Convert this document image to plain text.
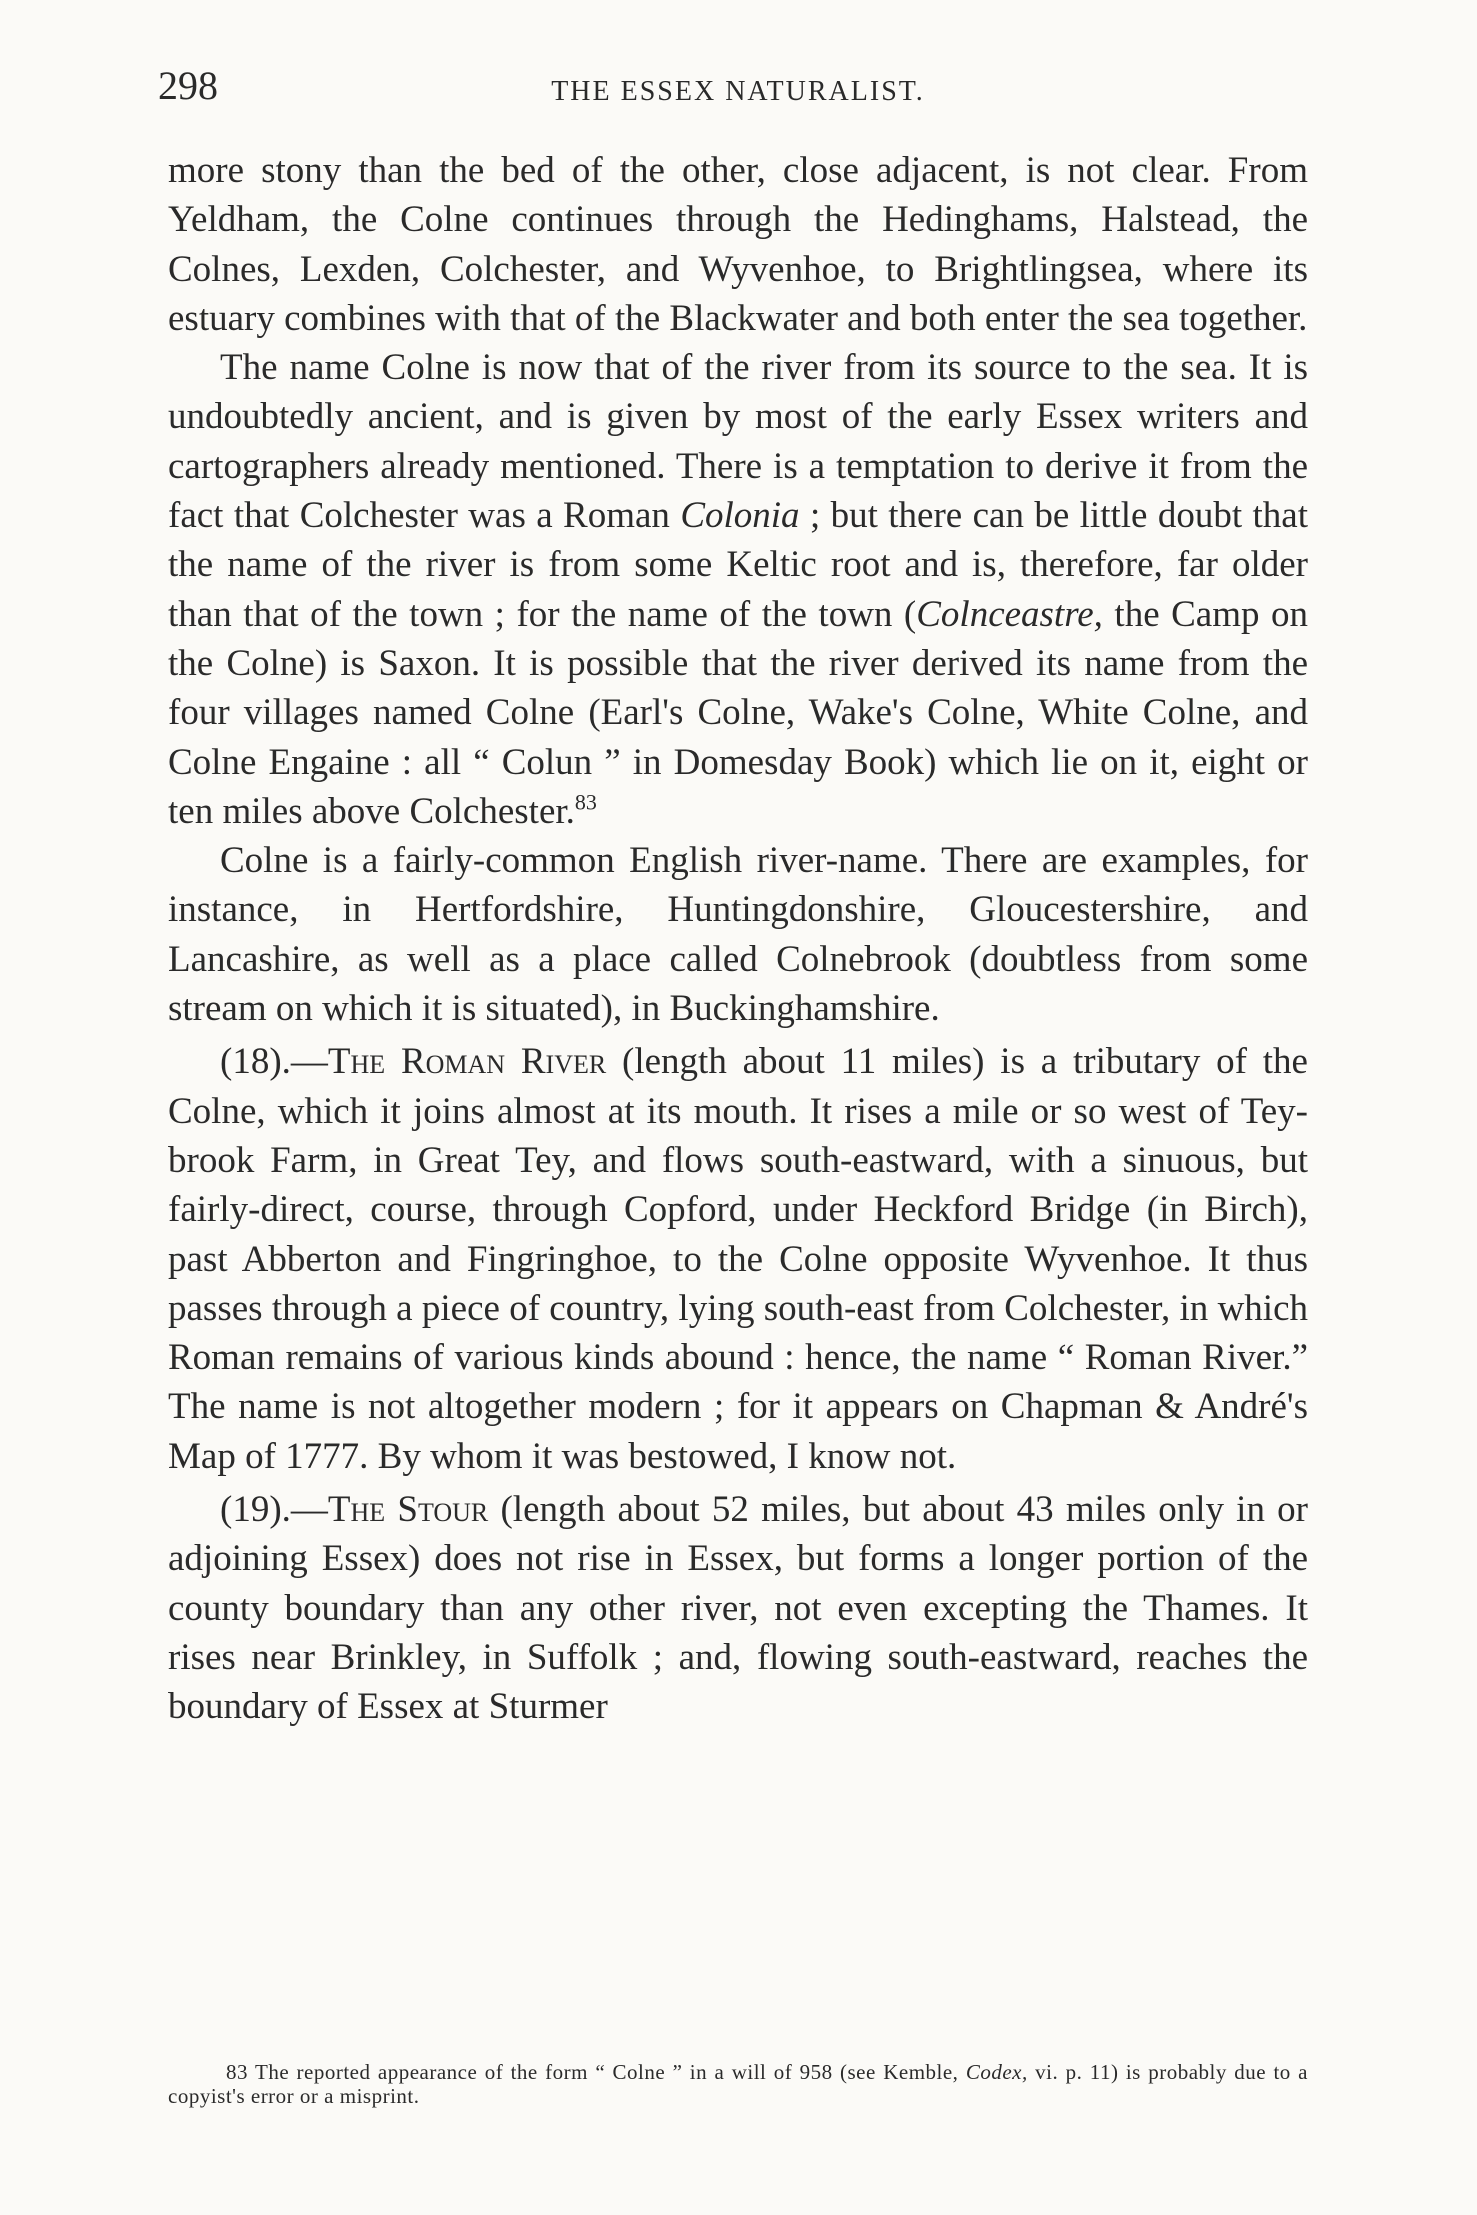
298	THE ESSEX NATURALIST.

more stony than the bed of the other, close adjacent, is not clear. From Yeldham, the Colne continues through the Hedinghams, Halstead, the Colnes, Lexden, Colchester, and Wyvenhoe, to Brightlingsea, where its estuary combines with that of the Blackwater and both enter the sea together.

The name Colne is now that of the river from its source to the sea. It is undoubtedly ancient, and is given by most of the early Essex writers and cartographers already mentioned. There is a temptation to derive it from the fact that Colchester was a Roman Colonia ; but there can be little doubt that the name of the river is from some Keltic root and is, therefore, far older than that of the town ; for the name of the town (Colnceastre, the Camp on the Colne) is Saxon. It is possible that the river derived its name from the four villages named Colne (Earl's Colne, Wake's Colne, White Colne, and Colne Engaine : all “ Colun ” in Domesday Book) which lie on it, eight or ten miles above Colchester.$^{83}$

Colne is a fairly-common English river-name. There are examples, for instance, in Hertfordshire, Huntingdonshire, Gloucestershire, and Lancashire, as well as a place called Colnebrook (doubtless from some stream on which it is situated), in Buckinghamshire.

(18).—The Roman River (length about 11 miles) is a tributary of the Colne, which it joins almost at its mouth. It rises a mile or so west of Tey-brook Farm, in Great Tey, and flows south-eastward, with a sinuous, but fairly-direct, course, through Copford, under Heckford Bridge (in Birch), past Abberton and Fingringhoe, to the Colne opposite Wyvenhoe. It thus passes through a piece of country, lying south-east from Colchester, in which Roman remains of various kinds abound : hence, the name “ Roman River.” The name is not altogether modern ; for it appears on Chapman & André's Map of 1777. By whom it was bestowed, I know not.

(19).—The Stour (length about 52 miles, but about 43 miles only in or adjoining Essex) does not rise in Essex, but forms a longer portion of the county boundary than any other river, not even excepting the Thames. It rises near Brinkley, in Suffolk ; and, flowing south-eastward, reaches the boundary of Essex at Sturmer

83 The reported appearance of the form “ Colne ” in a will of 958 (see Kemble, Codex, vi. p. 11) is probably due to a copyist's error or a misprint.
